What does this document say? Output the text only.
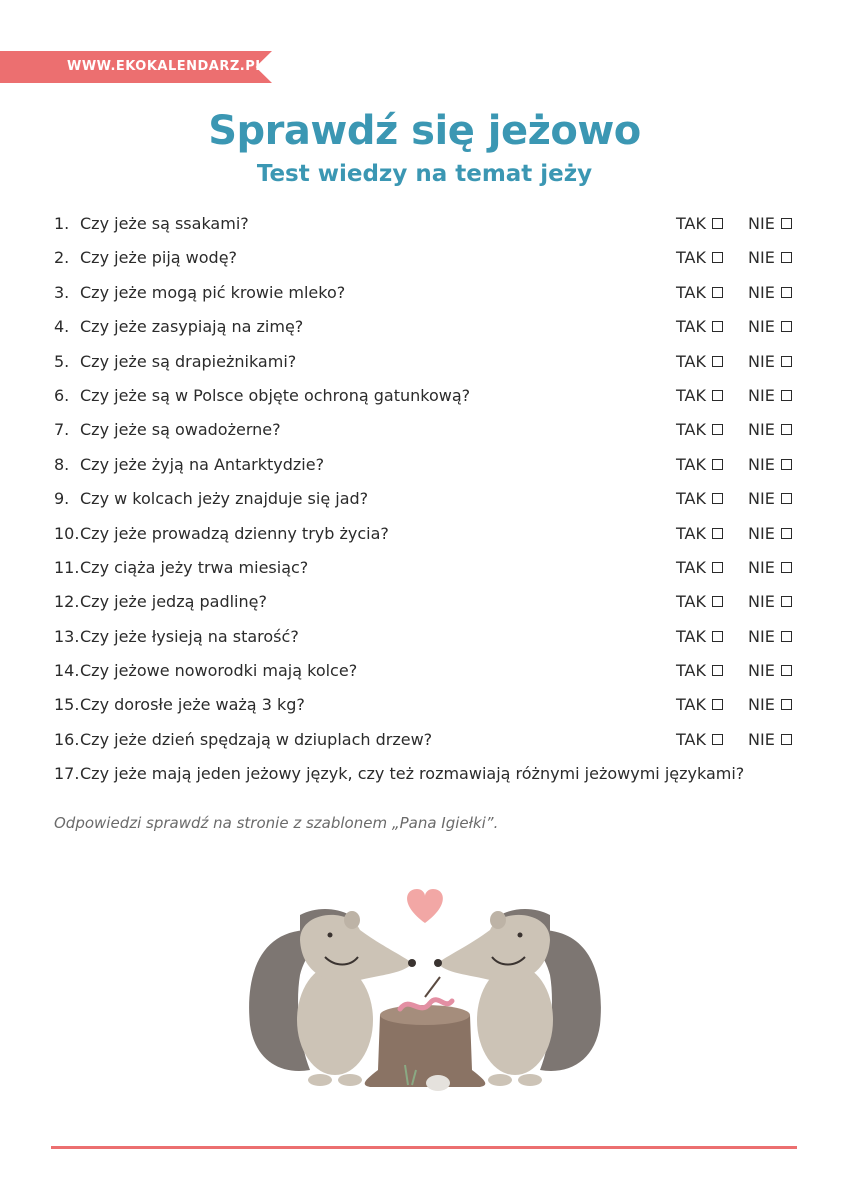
WWW.EKOKALENDARZ.PL
Sprawdź się jeżowo
Test wiedzy na temat jeży
1. Czy jeże są ssakami?	TAK	NIE
2. Czy jeże piją wodę?	TAK	NIE
3. Czy jeże mogą pić krowie mleko?	TAK	NIE
4. Czy jeże zasypiają na zimę?	TAK	NIE
5. Czy jeże są drapieżnikami?	TAK	NIE
6. Czy jeże są w Polsce objęte ochroną gatunkową?	TAK	NIE
7. Czy jeże są owadożerne?	TAK	NIE
8. Czy jeże żyją na Antarktydzie?	TAK	NIE
9. Czy w kolcach jeży znajduje się jad?	TAK	NIE
10. Czy jeże prowadzą dzienny tryb życia?	TAK	NIE
11. Czy ciąża jeży trwa miesiąc?	TAK	NIE
12. Czy jeże jedzą padlinę?	TAK	NIE
13. Czy jeże łysieją na starość?	TAK	NIE
14. Czy jeżowe noworodki mają kolce?	TAK	NIE
15. Czy dorosłe jeże ważą 3 kg?	TAK	NIE
16. Czy jeże dzień spędzają w dziuplach drzew?	TAK	NIE
17. Czy jeże mają jeden jeżowy język, czy też rozmawiają różnymi jeżowymi językami?
Odpowiedzi sprawdź na stronie z szablonem „Pana Igiełki”.
